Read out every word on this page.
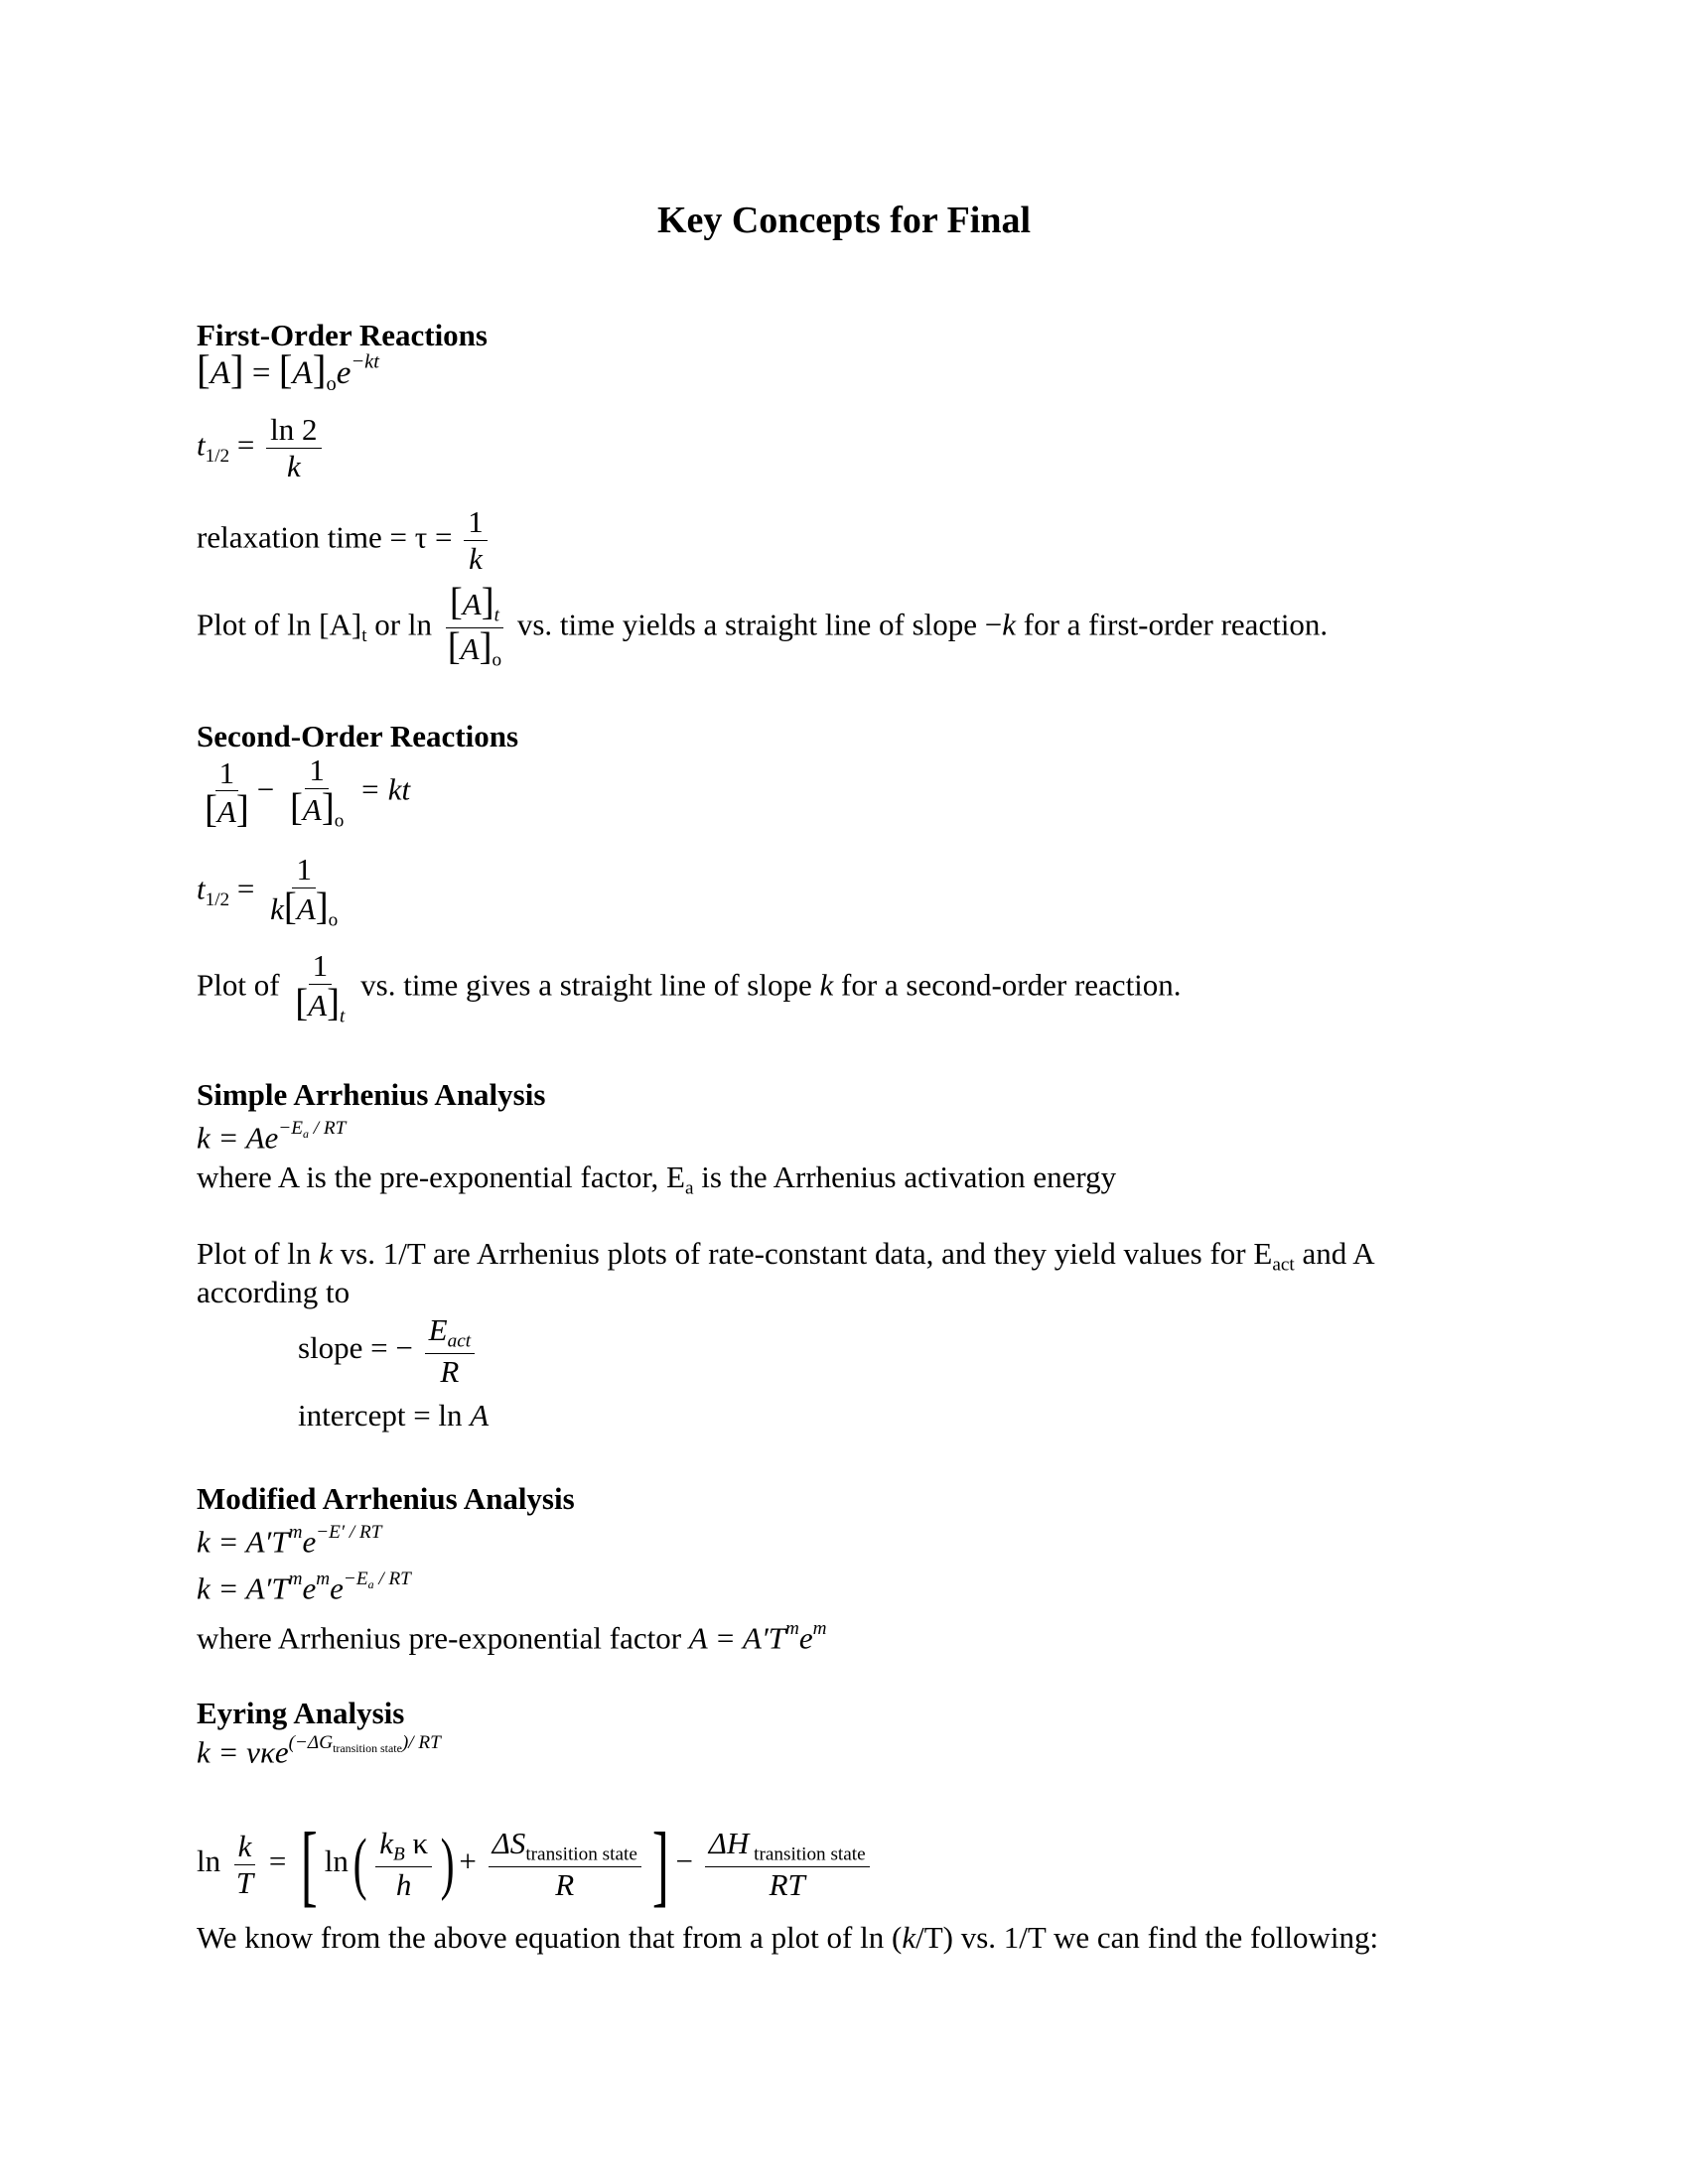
Key Concepts for Final
First-Order Reactions
$[A] = [A]_oe^{-kt}$
$t_{1/2} = \frac{\ln 2}{k}$
relaxation time = $\tau = \frac{1}{k}$
Plot of $\ln [A]_t$ or $\ln \frac{[A]_t}{[A]_o}$ vs. time yields a straight line of slope −k for a first-order reaction.
Second-Order Reactions
$\frac{1}{[A]} - \frac{1}{[A]_o}$ = kt
$t_{1/2} = \frac{1}{k[A]_o}$
Plot of $\frac{1}{[A]_t}$ vs. time gives a straight line of slope k for a second-order reaction.
Simple Arrhenius Analysis
$k = Ae^{-E_a / RT}$
where A is the pre-exponential factor, $E_a$ is the Arrhenius activation energy
Plot of ln k vs. 1/T are Arrhenius plots of rate-constant data, and they yield values for $E_{act}$ and A
according to
slope = − $\frac{E_{act}}{R}$
intercept = ln A
Modified Arrhenius Analysis
$k = A'T^me^{-E' / RT}$
$k = A'T^me^me^{-E_a / RT}$
where Arrhenius pre-exponential factor $A = A'T^me^m$
Eyring Analysis
k = νκe$^{(-\Delta G_{transition state})/ RT}$
$\ln \frac{k}{T}$ = [ $\ln( \frac{k_B \kappa}{h}$ ) + $\frac{\Delta S_{transition state}}{R}$ ] − $\frac{\Delta H _{transition state}}{RT}$
We know from the above equation that from a plot of ln (k/T) vs. 1/T we can find the following:
